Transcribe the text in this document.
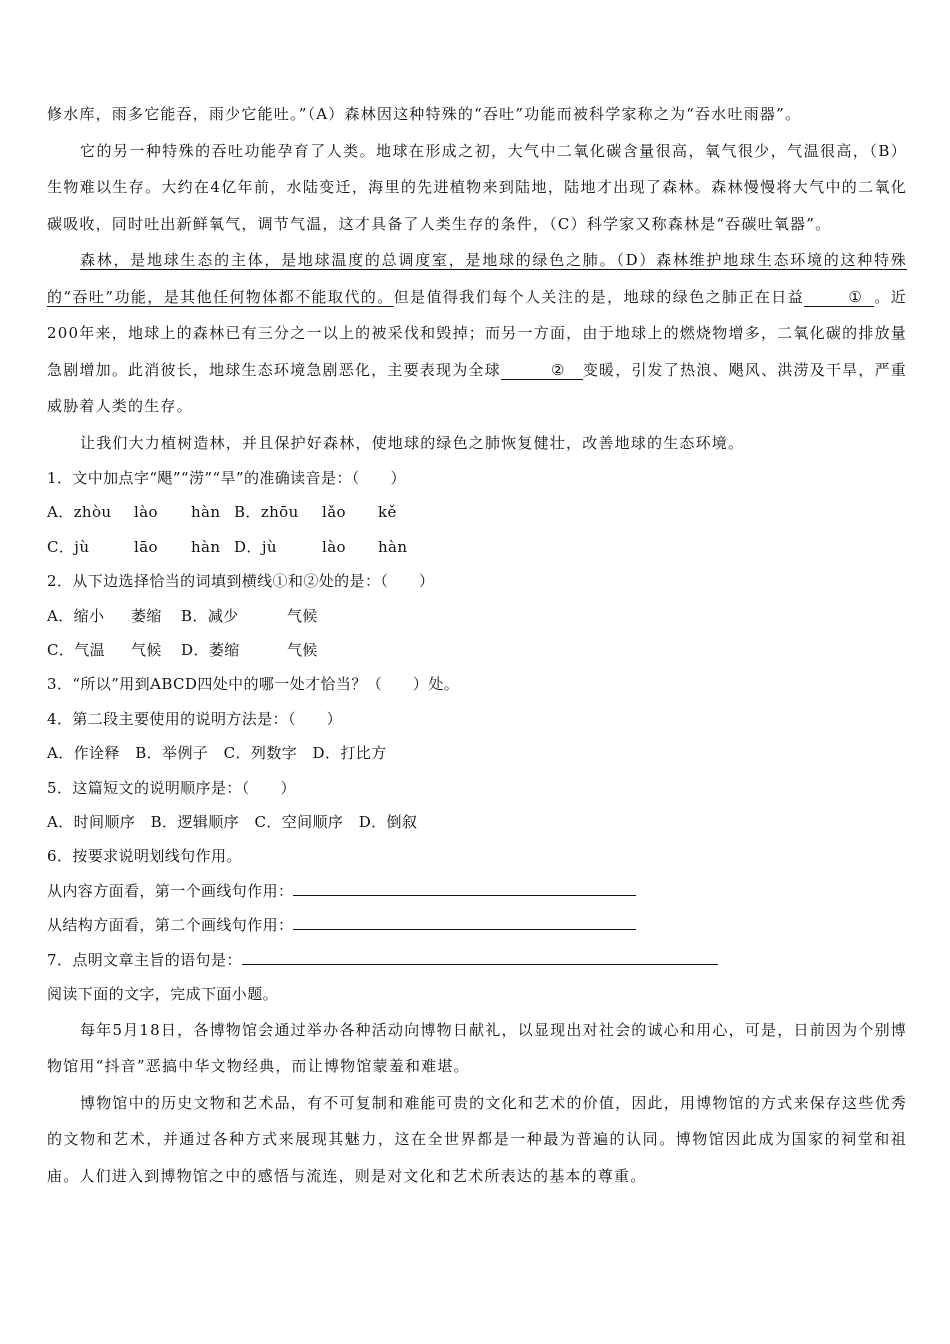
修水库，雨多它能吞，雨少它能吐。”（A）森林因这种特殊的“吞吐”功能而被科学家称之为“吞水吐雨器”。

它的另一种特殊的吞吐功能孕育了人类。地球在形成之初，大气中二氧化碳含量很高，氧气很少，气温很高，（B）生物难以生存。大约在4亿年前，水陆变迁，海里的先进植物来到陆地，陆地才出现了森林。森林慢慢将大气中的二氧化碳吸收，同时吐出新鲜氧气，调节气温，这才具备了人类生存的条件，（C）科学家又称森林是“吞碳吐氧器”。

森林，是地球生态的主体，是地球温度的总调度室，是地球的绿色之肺。（D）森林维护地球生态环境的这种特殊的“吞吐”功能，是其他任何物体都不能取代的。但是值得我们每个人关注的是，地球的绿色之肺正在日益	① 。近200年来，地球上的森林已有三分之一以上的被采伐和毁掉；而另一方面，由于地球上的燃烧物增多，二氧化碳的排放量急剧增加。此消彼长，地球生态环境急剧恶化，主要表现为全球	② 变暖，引发了热浪、飓风、洪涝及干旱，严重威胁着人类的生存。

让我们大力植树造林，并且保护好森林，使地球的绿色之肺恢复健壮，改善地球的生态环境。

1．文中加点字“飓”“涝”“旱”的准确读音是：（　　）
A．zhòu lào hàn B．zhōu lǎo kě
C．jù	lāo hàn D．jù	lào hàn
2．从下边选择恰当的词填到横线①和②处的是：（　　）
A．缩小 萎缩 B．减少	气候
C．气温 气候 D．萎缩	气候
3．“所以”用到ABCD四处中的哪一处才恰当？（　　）处。
4．第二段主要使用的说明方法是：（　　）
A．作诠释　B．举例子　C．列数字　D．打比方
5．这篇短文的说明顺序是：（　　）
A．时间顺序　B．逻辑顺序　C．空间顺序　D．倒叙
6．按要求说明划线句作用。
从内容方面看，第一个画线句作用：
从结构方面看，第二个画线句作用：
7．点明文章主旨的语句是：
阅读下面的文字，完成下面小题。

每年5月18日，各博物馆会通过举办各种活动向博物日献礼，以显现出对社会的诚心和用心，可是，日前因为个别博物馆用“抖音”恶搞中华文物经典，而让博物馆蒙羞和难堪。

博物馆中的历史文物和艺术品，有不可复制和难能可贵的文化和艺术的价值，因此，用博物馆的方式来保存这些优秀的文物和艺术，并通过各种方式来展现其魅力，这在全世界都是一种最为普遍的认同。博物馆因此成为国家的祠堂和祖庙。人们进入到博物馆之中的感悟与流连，则是对文化和艺术所表达的基本的尊重。
